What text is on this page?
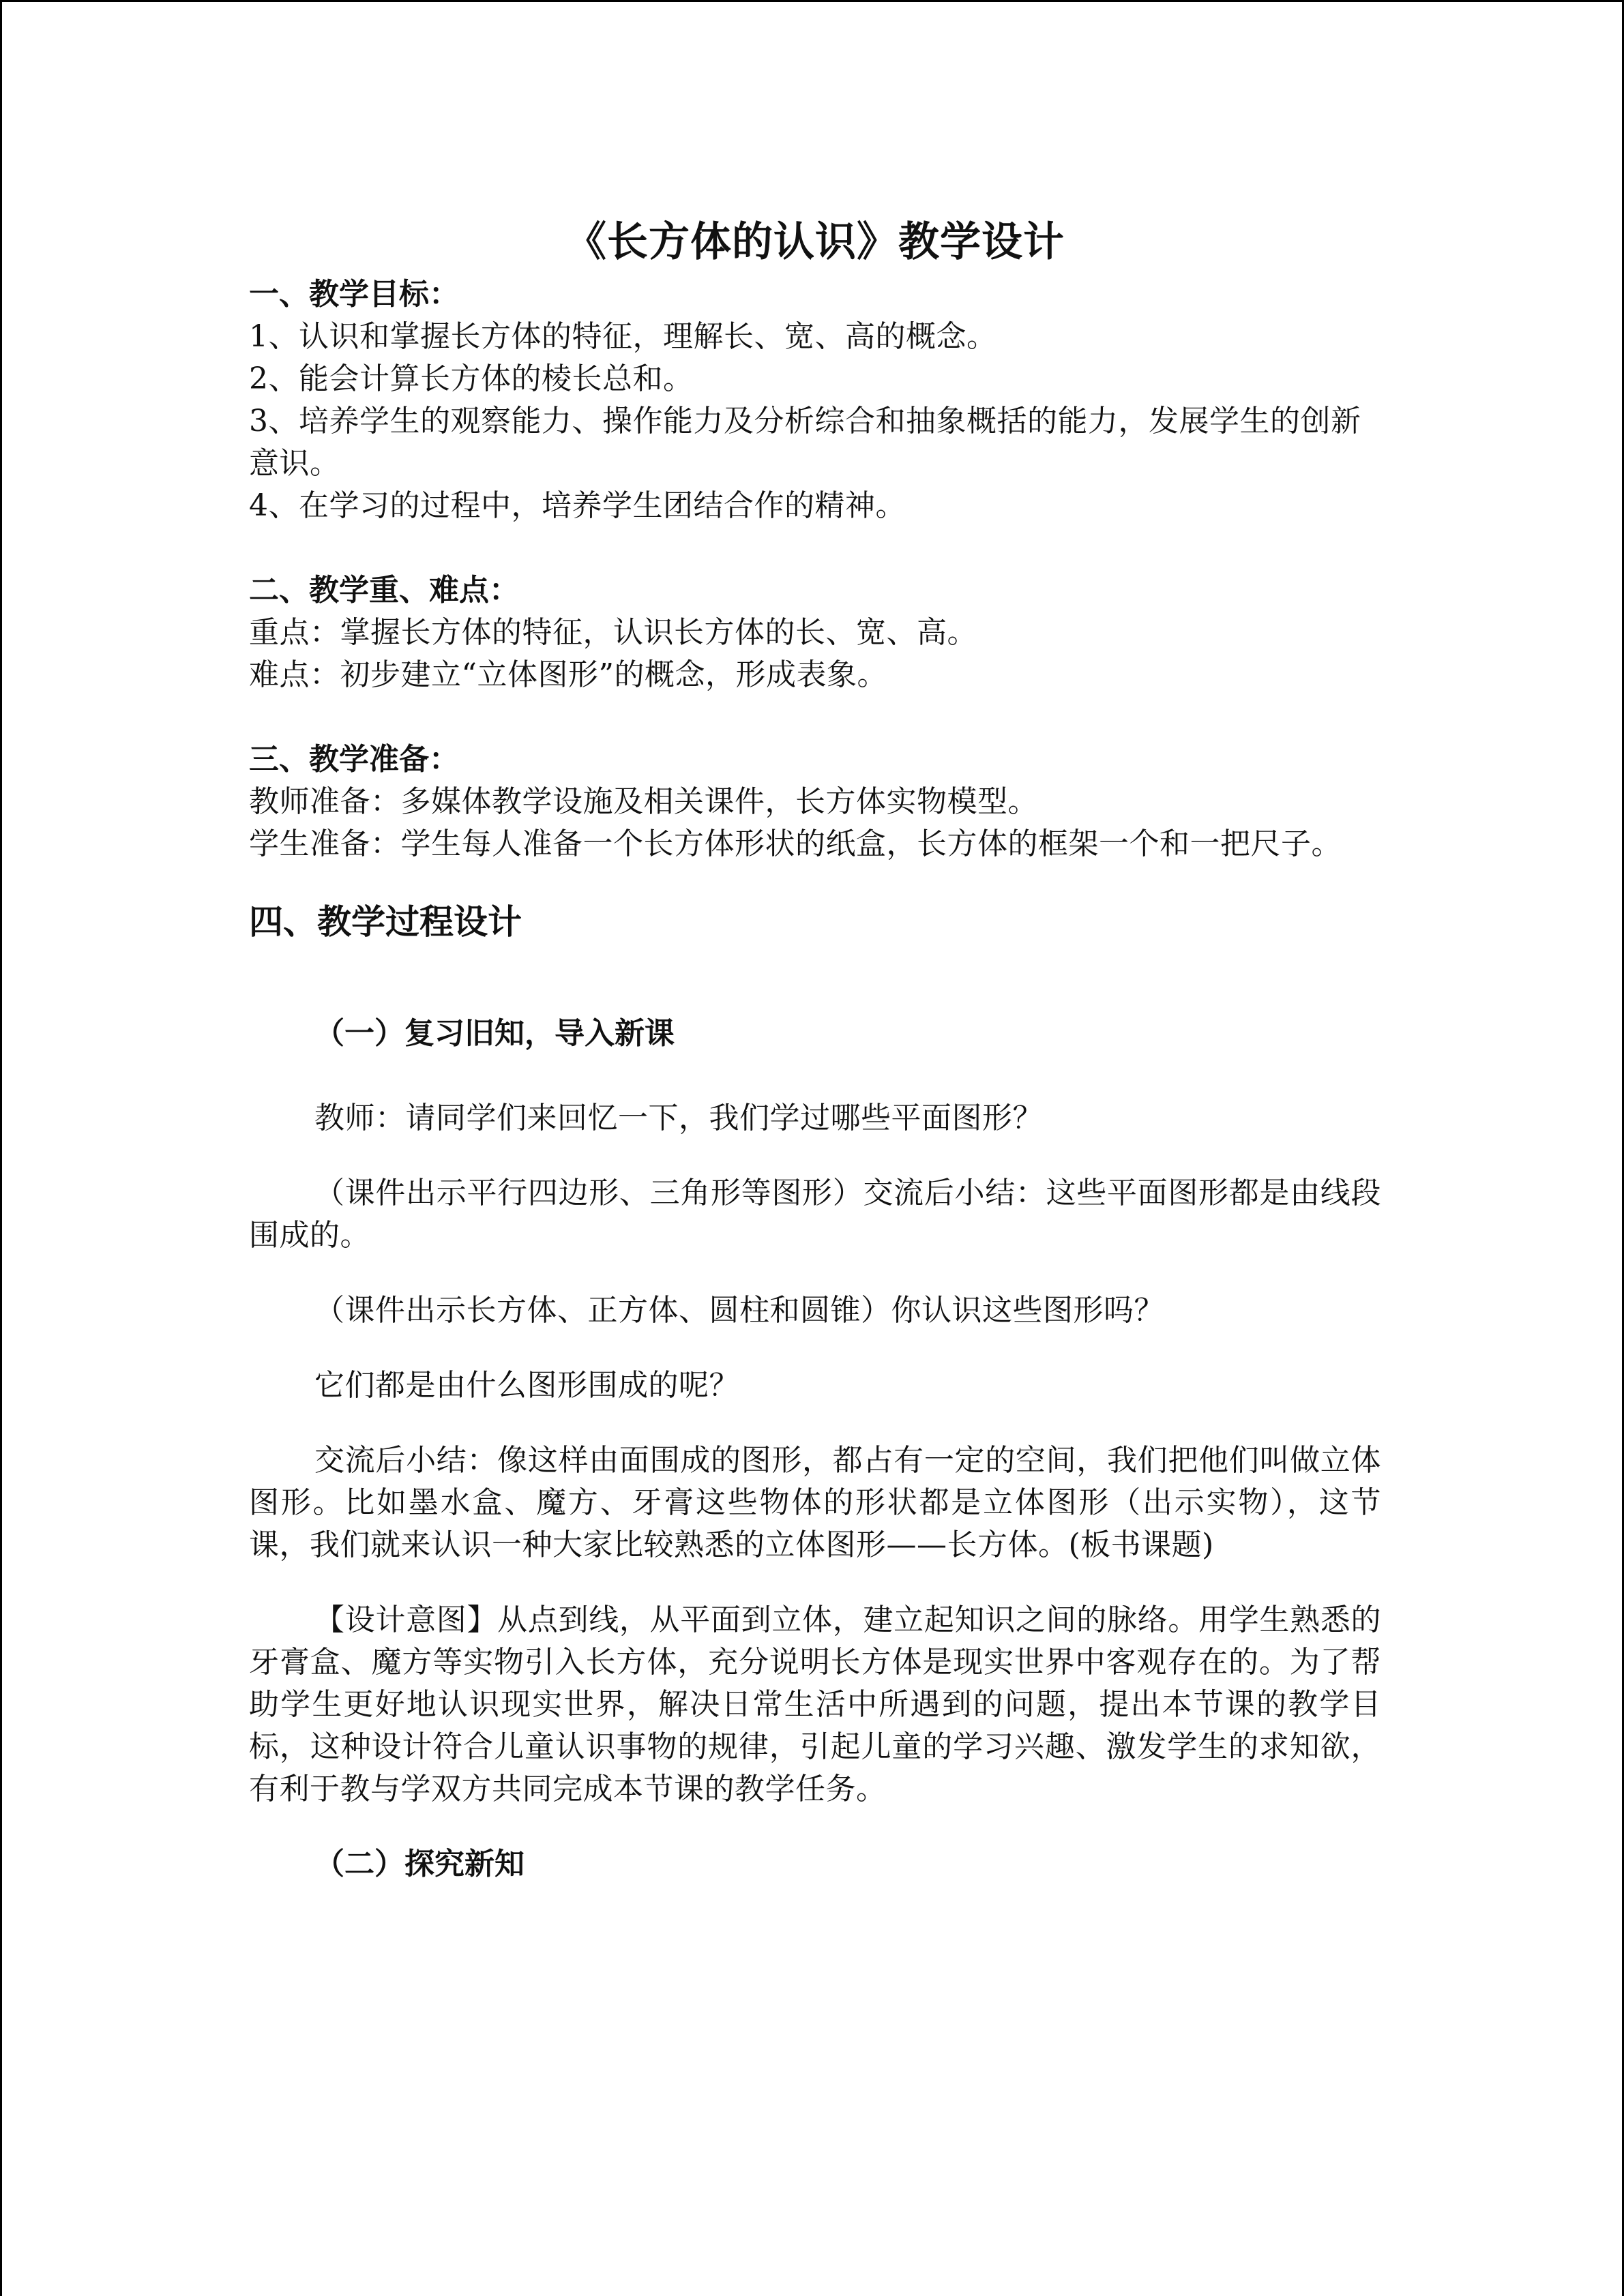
《长方体的认识》教学设计
一、教学目标：
1、认识和掌握长方体的特征，理解长、宽、高的概念。
2、能会计算长方体的棱长总和。
3、培养学生的观察能力、操作能力及分析综合和抽象概括的能力，发展学生的创新意识。
4、在学习的过程中，培养学生团结合作的精神。
二、教学重、难点：
重点：掌握长方体的特征，认识长方体的长、宽、高。
难点：初步建立“立体图形”的概念，形成表象。
三、教学准备：
教师准备：多媒体教学设施及相关课件，长方体实物模型。
学生准备：学生每人准备一个长方体形状的纸盒，长方体的框架一个和一把尺子。
四、教学过程设计
（一）复习旧知，导入新课
教师：请同学们来回忆一下，我们学过哪些平面图形？
（课件出示平行四边形、三角形等图形）交流后小结：这些平面图形都是由线段围成的。
（课件出示长方体、正方体、圆柱和圆锥）你认识这些图形吗？
它们都是由什么图形围成的呢？
交流后小结：像这样由面围成的图形，都占有一定的空间，我们把他们叫做立体图形。比如墨水盒、魔方、牙膏这些物体的形状都是立体图形（出示实物），这节课，我们就来认识一种大家比较熟悉的立体图形——长方体。(板书课题)
【设计意图】从点到线，从平面到立体，建立起知识之间的脉络。用学生熟悉的牙膏盒、魔方等实物引入长方体，充分说明长方体是现实世界中客观存在的。为了帮助学生更好地认识现实世界，解决日常生活中所遇到的问题，提出本节课的教学目标，这种设计符合儿童认识事物的规律，引起儿童的学习兴趣、激发学生的求知欲，有利于教与学双方共同完成本节课的教学任务。
（二）探究新知
